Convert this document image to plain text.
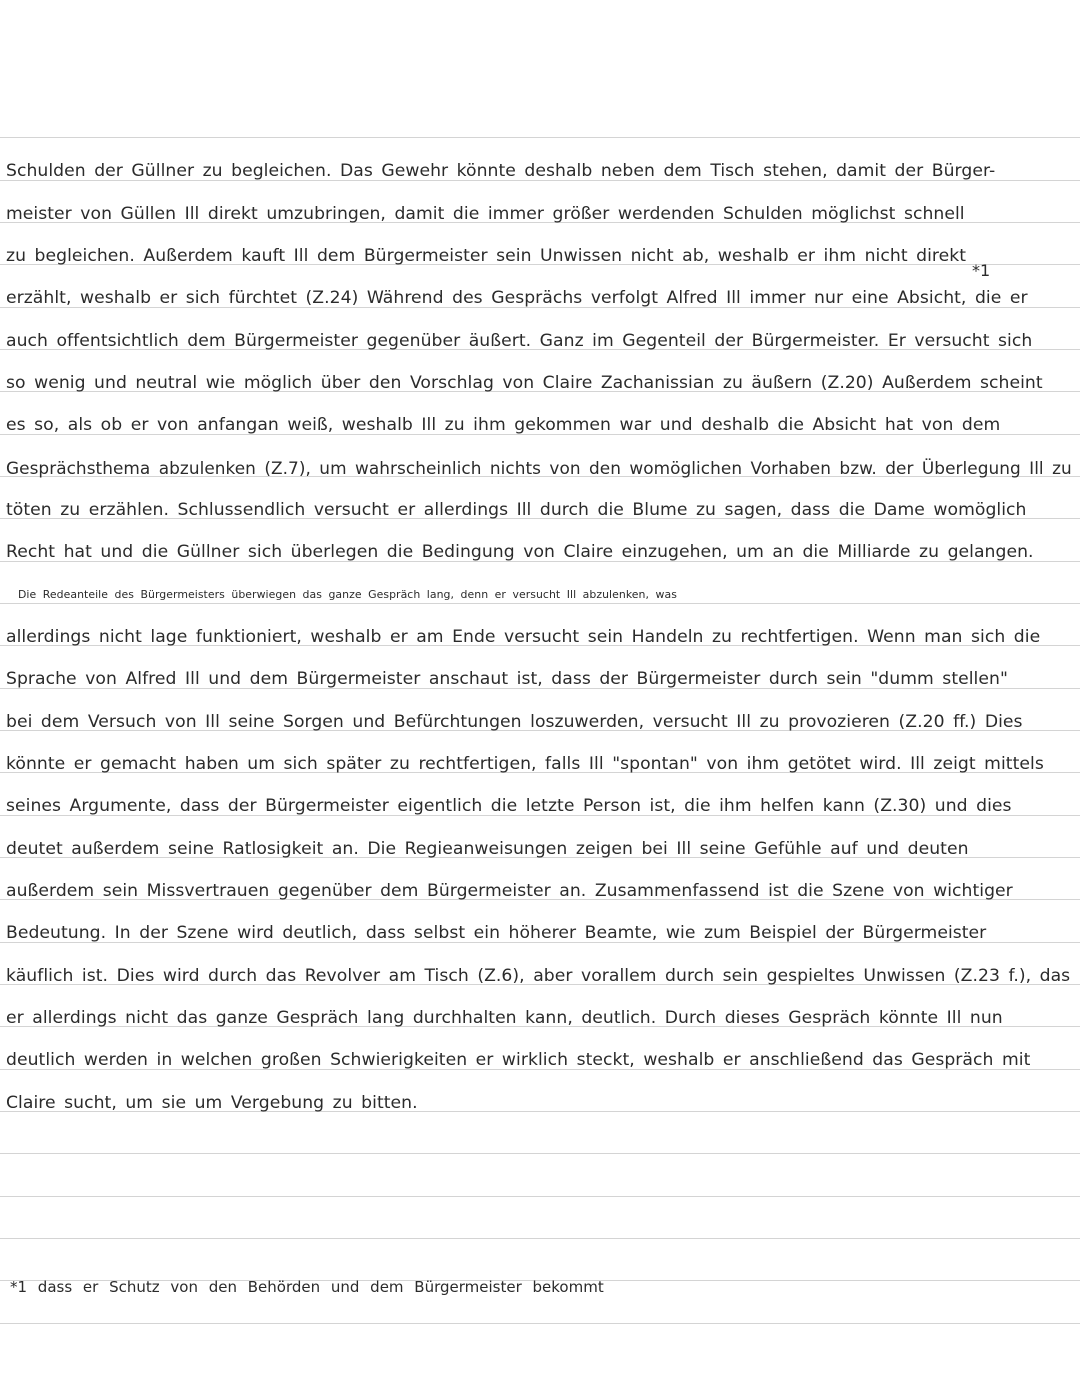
Schulden der Güllner zu begleichen. Das Gewehr könnte deshalb neben dem Tisch stehen, damit der Bürger-
meister von Güllen Ill direkt umzubringen, damit die immer größer werdenden Schulden möglichst schnell
zu begleichen. Außerdem kauft Ill dem Bürgermeister sein Unwissen nicht ab, weshalb er ihm nicht direkt
erzählt, weshalb er sich fürchtet (Z.24) Während des Gesprächs verfolgt Alfred Ill immer nur eine Absicht, die er
auch offentsichtlich dem Bürgermeister gegenüber äußert. Ganz im Gegenteil der Bürgermeister. Er versucht sich
so wenig und neutral wie möglich über den Vorschlag von Claire Zachanissian zu äußern (Z.20) Außerdem scheint
es so, als ob er von anfangan weiß, weshalb Ill zu ihm gekommen war und deshalb die Absicht hat von dem
Gesprächsthema abzulenken (Z.7), um wahrscheinlich nichts von den womöglichen Vorhaben bzw. der Überlegung Ill zu
töten zu erzählen. Schlussendlich versucht er allerdings Ill durch die Blume zu sagen, dass die Dame womöglich
Recht hat und die Güllner sich überlegen die Bedingung von Claire einzugehen, um an die Milliarde zu gelangen.
Die Redeanteile des Bürgermeisters überwiegen das ganze Gespräch lang, denn er versucht Ill abzulenken, was
allerdings nicht lage funktioniert, weshalb er am Ende versucht sein Handeln zu rechtfertigen. Wenn man sich die
Sprache von Alfred Ill und dem Bürgermeister anschaut ist, dass der Bürgermeister durch sein "dumm stellen"
bei dem Versuch von Ill seine Sorgen und Befürchtungen loszuwerden, versucht Ill zu provozieren (Z.20 ff.) Dies
könnte er gemacht haben um sich später zu rechtfertigen, falls Ill "spontan" von ihm getötet wird. Ill zeigt mittels
seines Argumente, dass der Bürgermeister eigentlich die letzte Person ist, die ihm helfen kann (Z.30) und dies
deutet außerdem seine Ratlosigkeit an. Die Regieanweisungen zeigen bei Ill seine Gefühle auf und deuten
außerdem sein Missvertrauen gegenüber dem Bürgermeister an. Zusammenfassend ist die Szene von wichtiger
Bedeutung. In der Szene wird deutlich, dass selbst ein höherer Beamte, wie zum Beispiel der Bürgermeister
käuflich ist. Dies wird durch das Revolver am Tisch (Z.6), aber vorallem durch sein gespieltes Unwissen (Z.23 f.), das
er allerdings nicht das ganze Gespräch lang durchhalten kann, deutlich. Durch dieses Gespräch könnte Ill nun
deutlich werden in welchen großen Schwierigkeiten er wirklich steckt, weshalb er anschließend das Gespräch mit
Claire sucht, um sie um Vergebung zu bitten.
*1
*1 dass er Schutz von den Behörden und dem Bürgermeister bekommt
